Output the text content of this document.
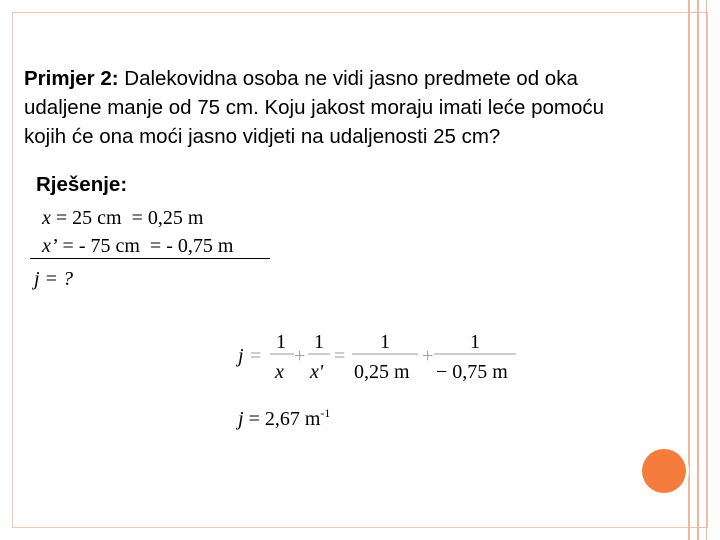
Primjer 2: Dalekovidna osoba ne vidi jasno predmete od oka
udaljene manje od 75 cm. Koju jakost moraju imati leće pomoću
kojih će ona moći jasno vidjeti na udaljenosti 25 cm?
Rješenje:
x = 25 cm  = 0,25 m
x’ = - 75 cm  = - 0,75 m
j = ?
j =
1
x
+
1
x'
=
1
0,25 m
+
1
− 0,75 m
j = 2,67 $m^{-1}$
